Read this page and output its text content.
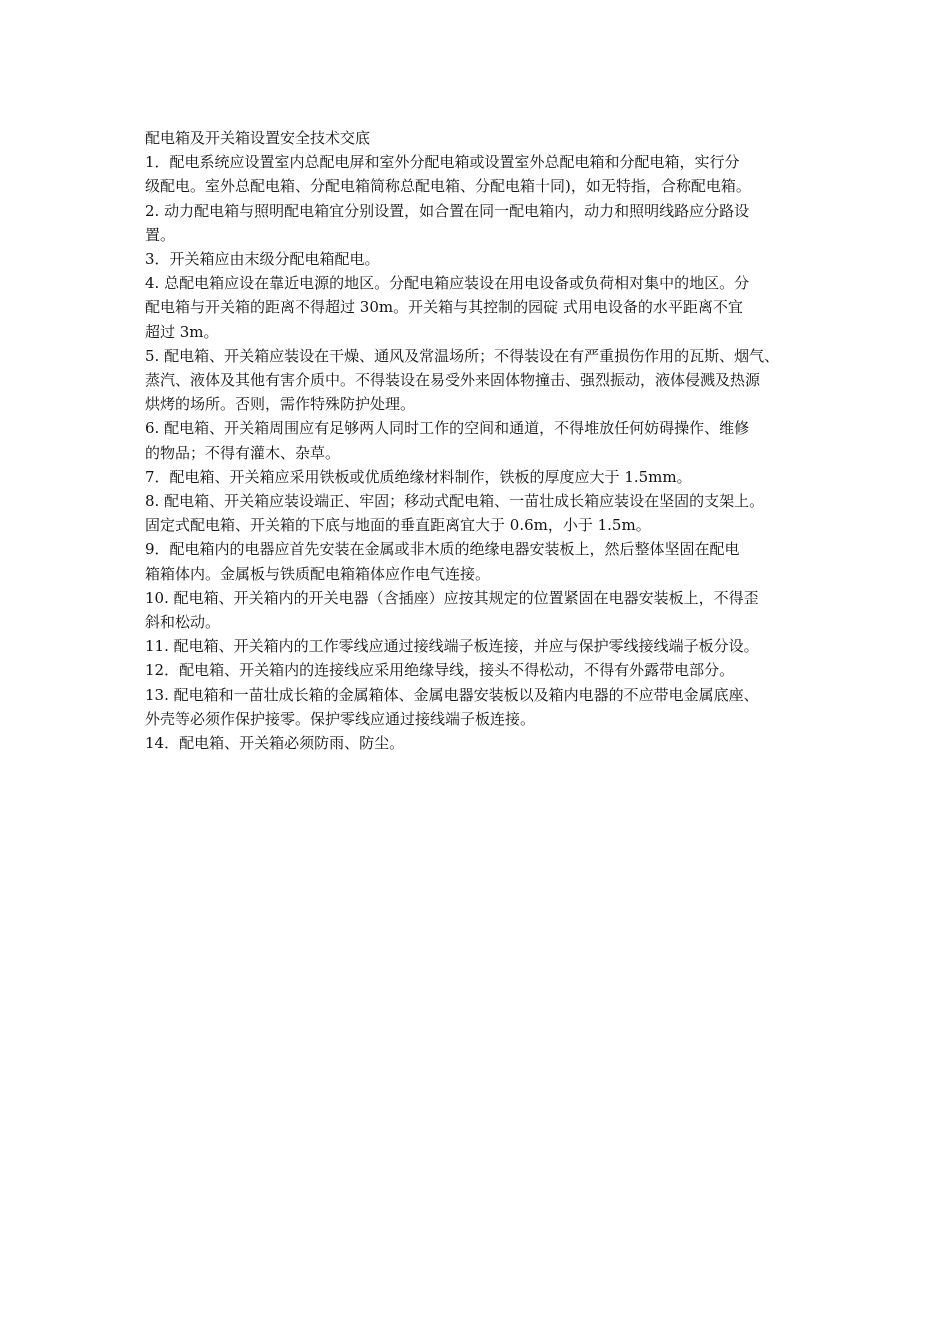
配电箱及开关箱设置安全技术交底

1．配电系统应设置室内总配电屏和室外分配电箱或设置室外总配电箱和分配电箱，实行分
级配电。室外总配电箱、分配电箱简称总配电箱、分配电箱十同)，如无特指，合称配电箱。

2. 动力配电箱与照明配电箱宜分别设置，如合置在同一配电箱内，动力和照明线路应分路设
置。

3．开关箱应由末级分配电箱配电。

4. 总配电箱应设在靠近电源的地区。分配电箱应装设在用电设备或负荷相对集中的地区。分
配电箱与开关箱的距离不得超过 30m。开关箱与其控制的园碇 式用电设备的水平距离不宜
超过 3m。

5. 配电箱、开关箱应装设在干燥、通风及常温场所；不得装设在有严重损伤作用的瓦斯、烟气、
蒸汽、液体及其他有害介质中。不得装设在易受外来固体物撞击、强烈振动，液体侵溅及热源
烘烤的场所。否则，需作特殊防护处理。

6. 配电箱、开关箱周围应有足够两人同时工作的空间和通道，不得堆放任何妨碍操作、维修
的物品；不得有灌木、杂草。

7．配电箱、开关箱应采用铁板或优质绝缘材料制作，铁板的厚度应大于 1.5mm。

8. 配电箱、开关箱应装设端正、牢固；移动式配电箱、一苗壮成长箱应装设在坚固的支架上。
固定式配电箱、开关箱的下底与地面的垂直距离宜大于 0.6m，小于 1.5m。

9．配电箱内的电器应首先安装在金属或非木质的绝缘电器安装板上，然后整体坚固在配电
箱箱体内。金属板与铁质配电箱箱体应作电气连接。

10. 配电箱、开关箱内的开关电器（含插座）应按其规定的位置紧固在电器安装板上，不得歪
斜和松动。

11. 配电箱、开关箱内的工作零线应通过接线端子板连接，并应与保护零线接线端子板分设。

12．配电箱、开关箱内的连接线应采用绝缘导线，接头不得松动，不得有外露带电部分。

13. 配电箱和一苗壮成长箱的金属箱体、金属电器安装板以及箱内电器的不应带电金属底座、
外壳等必须作保护接零。保护零线应通过接线端子板连接。

14．配电箱、开关箱必须防雨、防尘。
